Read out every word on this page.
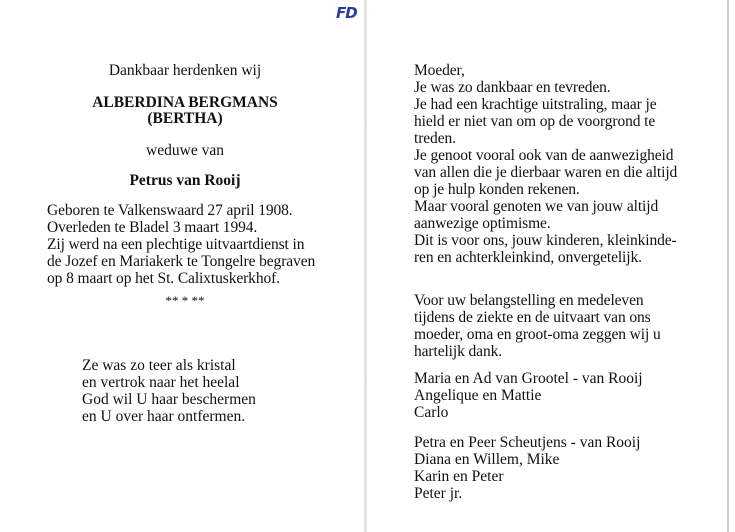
FD
Dankbaar herdenken wij
ALBERDINA BERGMANS
(BERTHA)
weduwe van
Petrus van Rooij
Geboren te Valkenswaard 27 april 1908.
Overleden te Bladel 3 maart 1994.
Zij werd na een plechtige uitvaartdienst in
de Jozef en Mariakerk te Tongelre begraven
op 8 maart op het St. Calixtuskerkhof.
** * **
Ze was zo teer als kristal
en vertrok naar het heelal
God wil U haar beschermen
en U over haar ontfermen.
Moeder,
Je was zo dankbaar en tevreden.
Je had een krachtige uitstraling, maar je
hield er niet van om op de voorgrond te
treden.
Je genoot vooral ook van de aanwezigheid
van allen die je dierbaar waren en die altijd
op je hulp konden rekenen.
Maar vooral genoten we van jouw altijd
aanwezige optimisme.
Dit is voor ons, jouw kinderen, kleinkinde-
ren en achterkleinkind, onvergetelijk.
Voor uw belangstelling en medeleven
tijdens de ziekte en de uitvaart van ons
moeder, oma en groot-oma zeggen wij u
hartelijk dank.
Maria en Ad van Grootel - van Rooij
Angelique en Mattie
Carlo
Petra en Peer Scheutjens - van Rooij
Diana en Willem, Mike
Karin en Peter
Peter jr.
